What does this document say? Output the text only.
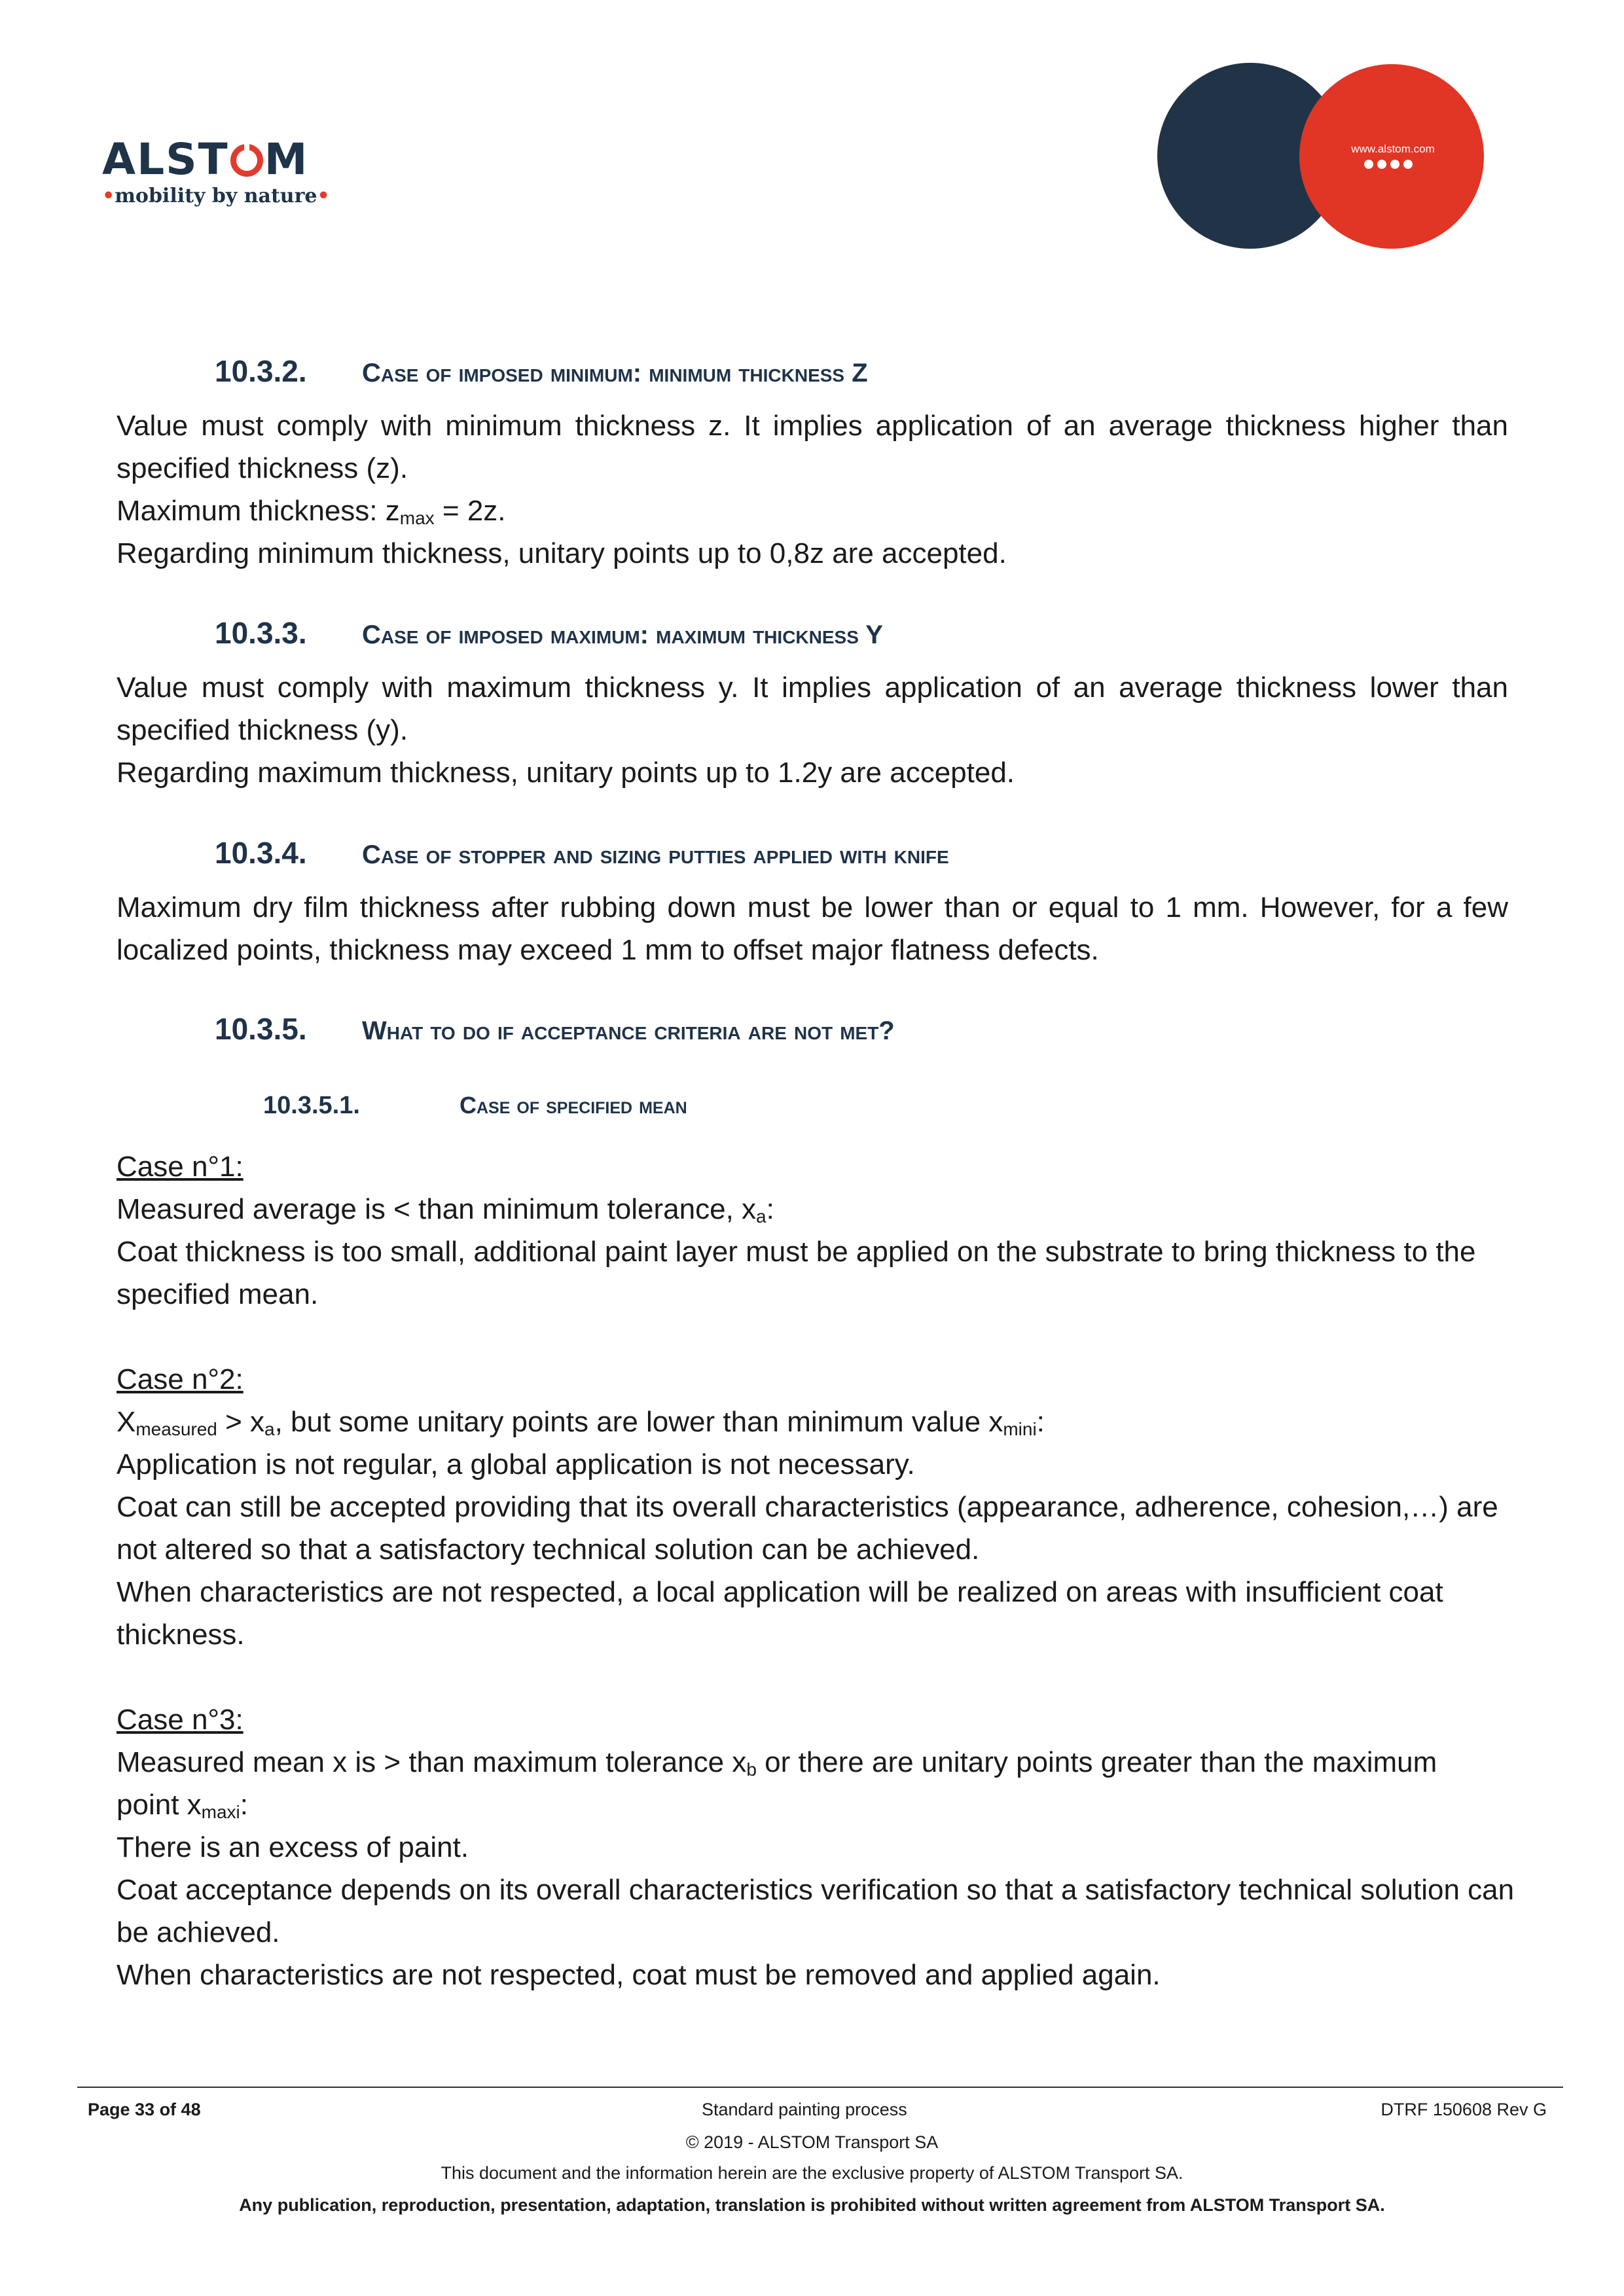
ALST M
•mobility by nature•
www.alstom.com
10.3.2. Case of imposed minimum: minimum thickness Z
Value must comply with minimum thickness z. It implies application of an average thickness higher than
specified thickness (z).
Maximum thickness: $z_{max} = 2z$.
Regarding minimum thickness, unitary points up to 0,8z are accepted.
10.3.3. Case of imposed maximum: maximum thickness Y
Value must comply with maximum thickness y. It implies application of an average thickness lower than
specified thickness (y).
Regarding maximum thickness, unitary points up to 1.2y are accepted.
10.3.4. Case of stopper and sizing putties applied with knife
Maximum dry film thickness after rubbing down must be lower than or equal to 1 mm. However, for a few
localized points, thickness may exceed 1 mm to offset major flatness defects.
10.3.5. What to do if acceptance criteria are not met?
10.3.5.1.	Case of specified mean
Case n°1:
Measured average is < than minimum tolerance, $x_a$:
Coat thickness is too small, additional paint layer must be applied on the substrate to bring thickness to the
specified mean.
Case n°2:
$X_{measured} > x_a$, but some unitary points are lower than minimum value $x_{mini}$:
Application is not regular, a global application is not necessary.
Coat can still be accepted providing that its overall characteristics (appearance, adherence, cohesion,…) are
not altered so that a satisfactory technical solution can be achieved.
When characteristics are not respected, a local application will be realized on areas with insufficient coat
thickness.
Case n°3:
Measured mean x is > than maximum tolerance $x_b$ or there are unitary points greater than the maximum
point $x_{maxi}$:
There is an excess of paint.
Coat acceptance depends on its overall characteristics verification so that a satisfactory technical solution can
be achieved.
When characteristics are not respected, coat must be removed and applied again.
Page 33 of 48	Standard painting process	DTRF 150608 Rev G
© 2019 - ALSTOM Transport SA
This document and the information herein are the exclusive property of ALSTOM Transport SA.
Any publication, reproduction, presentation, adaptation, translation is prohibited without written agreement from ALSTOM Transport SA.
